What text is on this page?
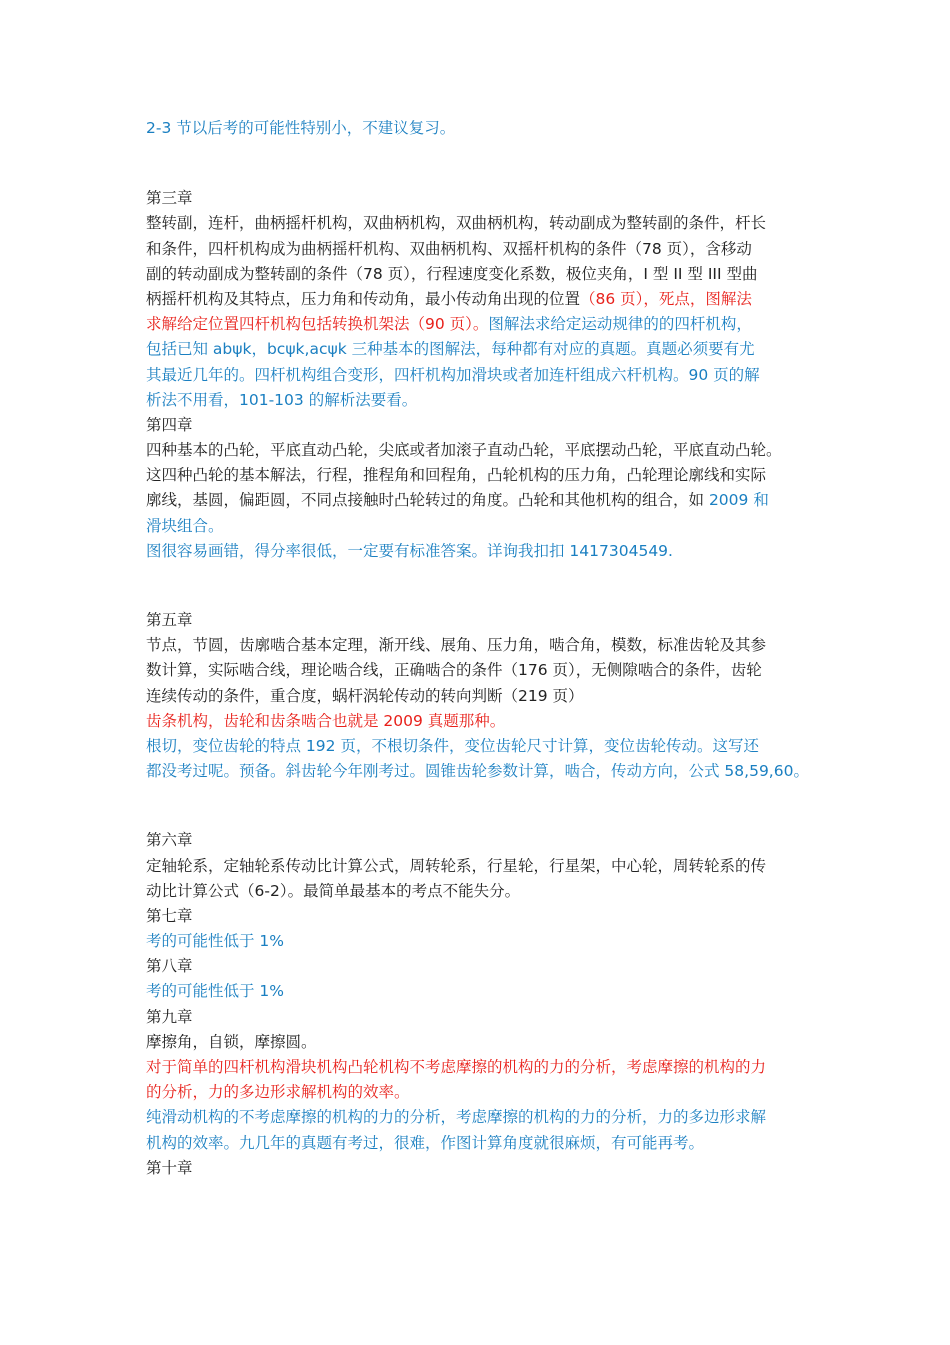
2-3 节以后考的可能性特别小，不建议复习。
第三章
整转副，连杆，曲柄摇杆机构，双曲柄机构，双曲柄机构，转动副成为整转副的条件，杆长
和条件，四杆机构成为曲柄摇杆机构、双曲柄机构、双摇杆机构的条件（78 页），含移动
副的转动副成为整转副的条件（78 页），行程速度变化系数，极位夹角，I 型 II 型 III 型曲
柄摇杆机构及其特点，压力角和传动角，最小传动角出现的位置（86 页），死点，图解法
求解给定位置四杆机构包括转换机架法（90 页）。图解法求给定运动规律的的四杆机构，
包括已知 abψk，bcψk,acψk 三种基本的图解法，每种都有对应的真题。真题必须要有尤
其最近几年的。四杆机构组合变形，四杆机构加滑块或者加连杆组成六杆机构。90 页的解
析法不用看，101-103 的解析法要看。
第四章
四种基本的凸轮，平底直动凸轮，尖底或者加滚子直动凸轮，平底摆动凸轮，平底直动凸轮。
这四种凸轮的基本解法，行程，推程角和回程角，凸轮机构的压力角，凸轮理论廓线和实际
廓线，基圆，偏距圆，不同点接触时凸轮转过的角度。凸轮和其他机构的组合，如 2009 和
滑块组合。
图很容易画错，得分率很低，一定要有标准答案。详询我扣扣 1417304549.
第五章
节点，节圆，齿廓啮合基本定理，渐开线、展角、压力角，啮合角，模数，标准齿轮及其参
数计算，实际啮合线，理论啮合线，正确啮合的条件（176 页），无侧隙啮合的条件，齿轮
连续传动的条件，重合度，蜗杆涡轮传动的转向判断（219 页）
齿条机构，齿轮和齿条啮合也就是 2009 真题那种。
根切，变位齿轮的特点 192 页，不根切条件，变位齿轮尺寸计算，变位齿轮传动。这写还
都没考过呢。预备。斜齿轮今年刚考过。圆锥齿轮参数计算，啮合，传动方向，公式 58,59,60。
第六章
定轴轮系，定轴轮系传动比计算公式，周转轮系，行星轮，行星架，中心轮，周转轮系的传
动比计算公式（6-2）。最简单最基本的考点不能失分。
第七章
考的可能性低于 1%
第八章
考的可能性低于 1%
第九章
摩擦角，自锁，摩擦圆。
对于简单的四杆机构滑块机构凸轮机构不考虑摩擦的机构的力的分析，考虑摩擦的机构的力
的分析，力的多边形求解机构的效率。
纯滑动机构的不考虑摩擦的机构的力的分析，考虑摩擦的机构的力的分析，力的多边形求解
机构的效率。九几年的真题有考过，很难，作图计算角度就很麻烦，有可能再考。
第十章
